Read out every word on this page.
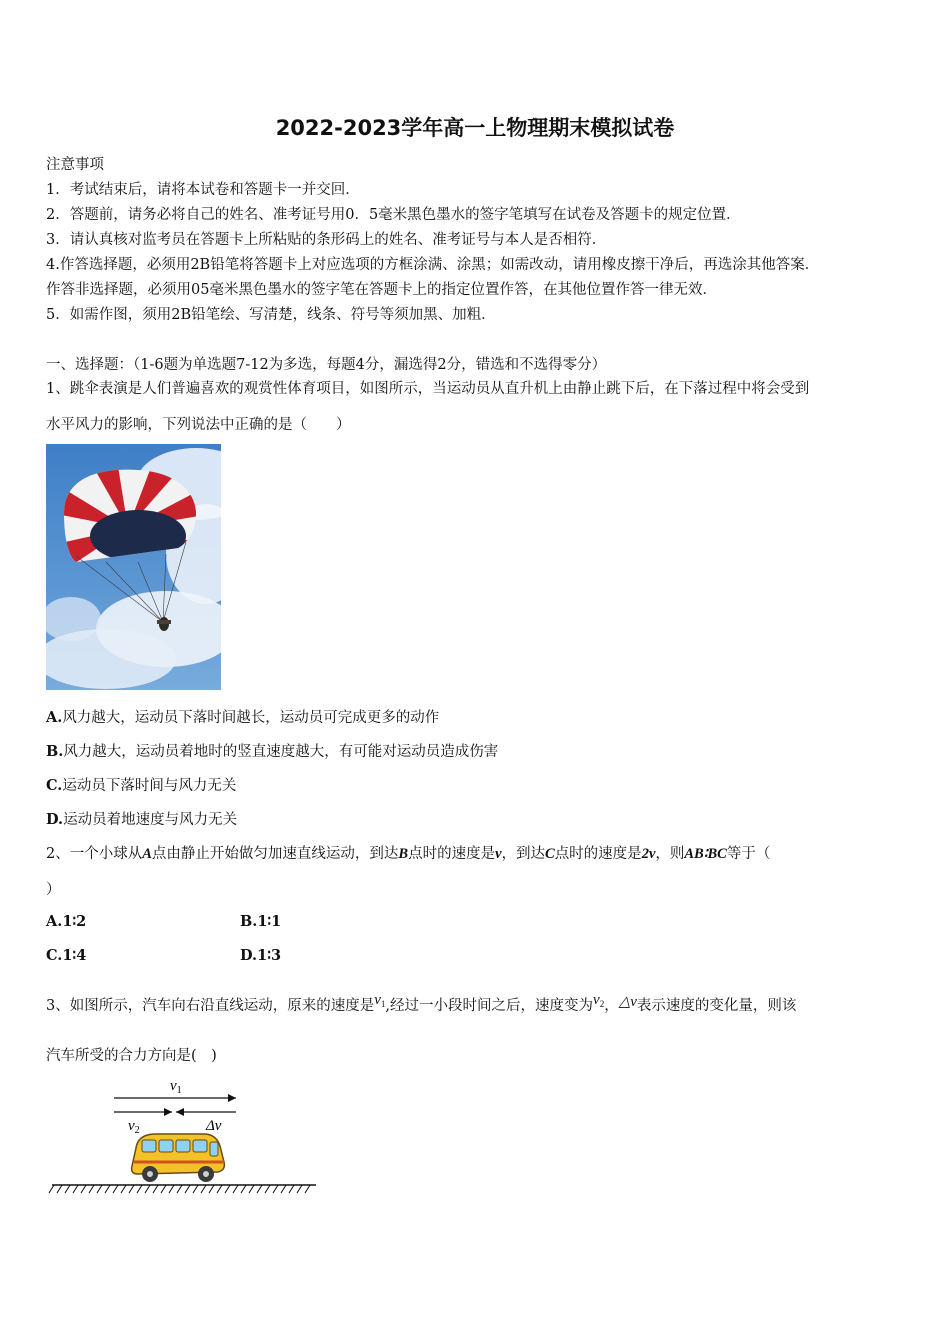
2022-2023学年高一上物理期末模拟试卷
注意事项
1．考试结束后，请将本试卷和答题卡一并交回．
2．答题前，请务必将自己的姓名、准考证号用0．5毫米黑色墨水的签字笔填写在试卷及答题卡的规定位置．
3．请认真核对监考员在答题卡上所粘贴的条形码上的姓名、准考证号与本人是否相符．
4.作答选择题，必须用2B铅笔将答题卡上对应选项的方框涂满、涂黑；如需改动，请用橡皮擦干净后，再选涂其他答案．
作答非选择题，必须用05毫米黑色墨水的签字笔在答题卡上的指定位置作答，在其他位置作答一律无效．
5．如需作图，须用2B铅笔绘、写清楚，线条、符号等须加黑、加粗．
一、选择题：（1-6题为单选题7-12为多选，每题4分，漏选得2分，错选和不选得零分）
1、跳伞表演是人们普遍喜欢的观赏性体育项目，如图所示，当运动员从直升机上由静止跳下后，在下落过程中将会受到
水平风力的影响，下列说法中正确的是（　　）
A.风力越大，运动员下落时间越长，运动员可完成更多的动作
B.风力越大，运动员着地时的竖直速度越大，有可能对运动员造成伤害
C.运动员下落时间与风力无关
D.运动员着地速度与风力无关
2、一个小球从A点由静止开始做匀加速直线运动，到达B点时的速度是v，到达C点时的速度是2v，则AB∶BC等于（
）
A.1∶2	B.1∶1
C.1∶4	D.1∶3
3、如图所示，汽车向右沿直线运动，原来的速度是$v_1$,经过一小段时间之后，速度变为$v_2$，△v表示速度的变化量，则该
汽车所受的合力方向是(　)
$v_1$
$v_2$	Δv
